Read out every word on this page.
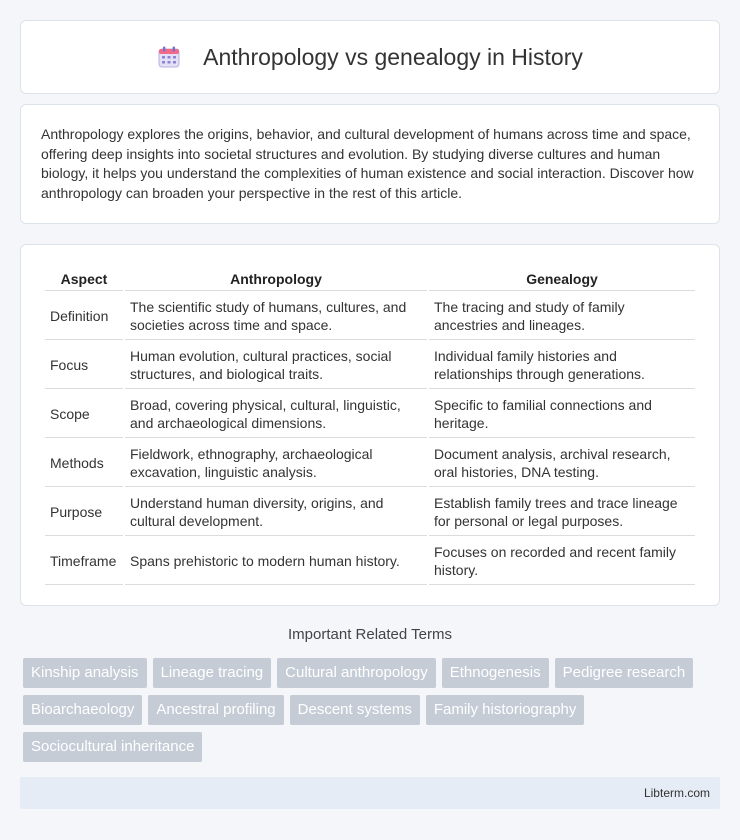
Anthropology vs genealogy in History

Anthropology explores the origins, behavior, and cultural development of humans across time and space, offering deep insights into societal structures and evolution. By studying diverse cultures and human biology, it helps you understand the complexities of human existence and social interaction. Discover how anthropology can broaden your perspective in the rest of this article.

Aspect	Anthropology	Genealogy
Definition	The scientific study of humans, cultures, and societies across time and space.	The tracing and study of family ancestries and lineages.
Focus	Human evolution, cultural practices, social structures, and biological traits.	Individual family histories and relationships through generations.
Scope	Broad, covering physical, cultural, linguistic, and archaeological dimensions.	Specific to familial connections and heritage.
Methods	Fieldwork, ethnography, archaeological excavation, linguistic analysis.	Document analysis, archival research, oral histories, DNA testing.
Purpose	Understand human diversity, origins, and cultural development.	Establish family trees and trace lineage for personal or legal purposes.
Timeframe	Spans prehistoric to modern human history.	Focuses on recorded and recent family history.
Important Related Terms
Kinship analysis	Lineage tracing	Cultural anthropology	Ethnogenesis	Pedigree research
Bioarchaeology	Ancestral profiling	Descent systems	Family historiography
Sociocultural inheritance
Libterm.com
